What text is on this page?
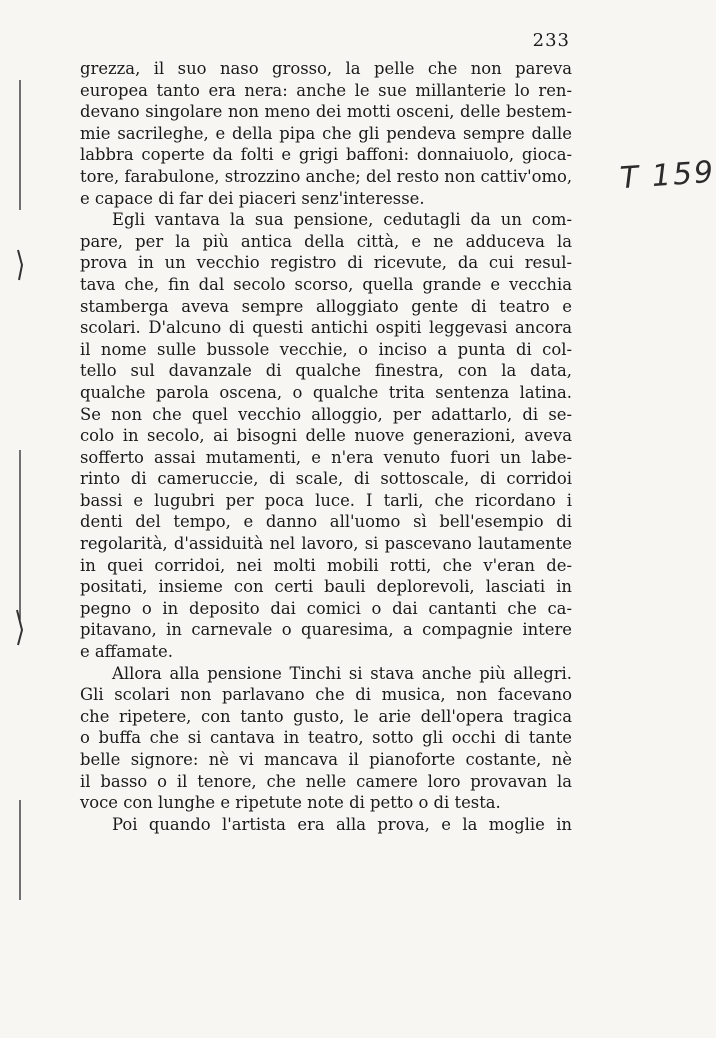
233
T 159
grezza, il suo naso grosso, la pelle che non pareva
europea tanto era nera: anche le sue millanterie lo ren-
devano singolare non meno dei motti osceni, delle bestem-
mie sacrileghe, e della pipa che gli pendeva sempre dalle
labbra coperte da folti e grigi baffoni: donnaiuolo, gioca-
tore, farabulone, strozzino anche; del resto non cattiv'omo,
e capace di far dei piaceri senz'interesse.
Egli vantava la sua pensione, cedutagli da un com-
pare, per la più antica della città, e ne adduceva la
prova in un vecchio registro di ricevute, da cui resul-
tava che, fin dal secolo scorso, quella grande e vecchia
stamberga aveva sempre alloggiato gente di teatro e
scolari. D'alcuno di questi antichi ospiti leggevasi ancora
il nome sulle bussole vecchie, o inciso a punta di col-
tello sul davanzale di qualche finestra, con la data,
qualche parola oscena, o qualche trita sentenza latina.
Se non che quel vecchio alloggio, per adattarlo, di se-
colo in secolo, ai bisogni delle nuove generazioni, aveva
sofferto assai mutamenti, e n'era venuto fuori un labe-
rinto di cameruccie, di scale, di sottoscale, di corridoi
bassi e lugubri per poca luce. I tarli, che ricordano i
denti del tempo, e danno all'uomo sì bell'esempio di
regolarità, d'assiduità nel lavoro, si pascevano lautamente
in quei corridoi, nei molti mobili rotti, che v'eran de-
positati, insieme con certi bauli deplorevoli, lasciati in
pegno o in deposito dai comici o dai cantanti che ca-
pitavano, in carnevale o quaresima, a compagnie intere
e affamate.
Allora alla pensione Tinchi si stava anche più allegri.
Gli scolari non parlavano che di musica, non facevano
che ripetere, con tanto gusto, le arie dell'opera tragica
o buffa che si cantava in teatro, sotto gli occhi di tante
belle signore: nè vi mancava il pianoforte costante, nè
il basso o il tenore, che nelle camere loro provavan la
voce con lunghe e ripetute note di petto o di testa.
Poi quando l'artista era alla prova, e la moglie in
